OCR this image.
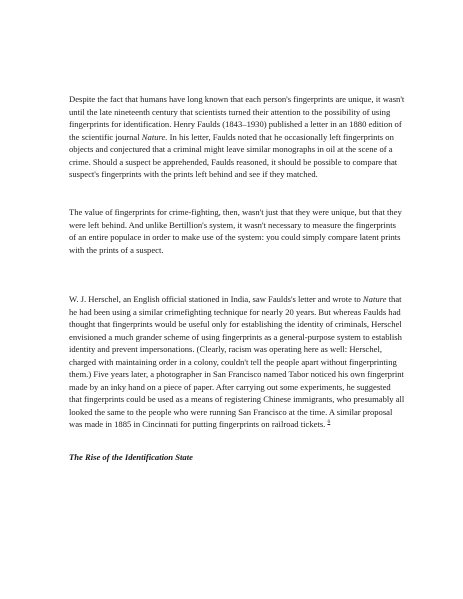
Despite the fact that humans have long known that each person's fingerprints are unique, it wasn't until the late nineteenth century that scientists turned their attention to the possibility of using fingerprints for identification. Henry Faulds (1843–1930) published a letter in an 1880 edition of the scientific journal Nature. In his letter, Faulds noted that he occasionally left fingerprints on objects and conjectured that a criminal might leave similar monographs in oil at the scene of a crime. Should a suspect be apprehended, Faulds reasoned, it should be possible to compare that suspect's fingerprints with the prints left behind and see if they matched.

The value of fingerprints for crime-fighting, then, wasn't just that they were unique, but that they were left behind. And unlike Bertillion's system, it wasn't necessary to measure the fingerprints of an entire populace in order to make use of the system: you could simply compare latent prints with the prints of a suspect.

W. J. Herschel, an English official stationed in India, saw Faulds's letter and wrote to Nature that he had been using a similar crimefighting technique for nearly 20 years. But whereas Faulds had thought that fingerprints would be useful only for establishing the identity of criminals, Herschel envisioned a much grander scheme of using fingerprints as a general-purpose system to establish identity and prevent impersonations. (Clearly, racism was operating here as well: Herschel, charged with maintaining order in a colony, couldn't tell the people apart without fingerprinting them.) Five years later, a photographer in San Francisco named Tabor noticed his own fingerprint made by an inky hand on a piece of paper. After carrying out some experiments, he suggested that fingerprints could be used as a means of registering Chinese immigrants, who presumably all looked the same to the people who were running San Francisco at the time. A similar proposal was made in 1885 in Cincinnati for putting fingerprints on railroad tickets. $^6$

The Rise of the Identification State
